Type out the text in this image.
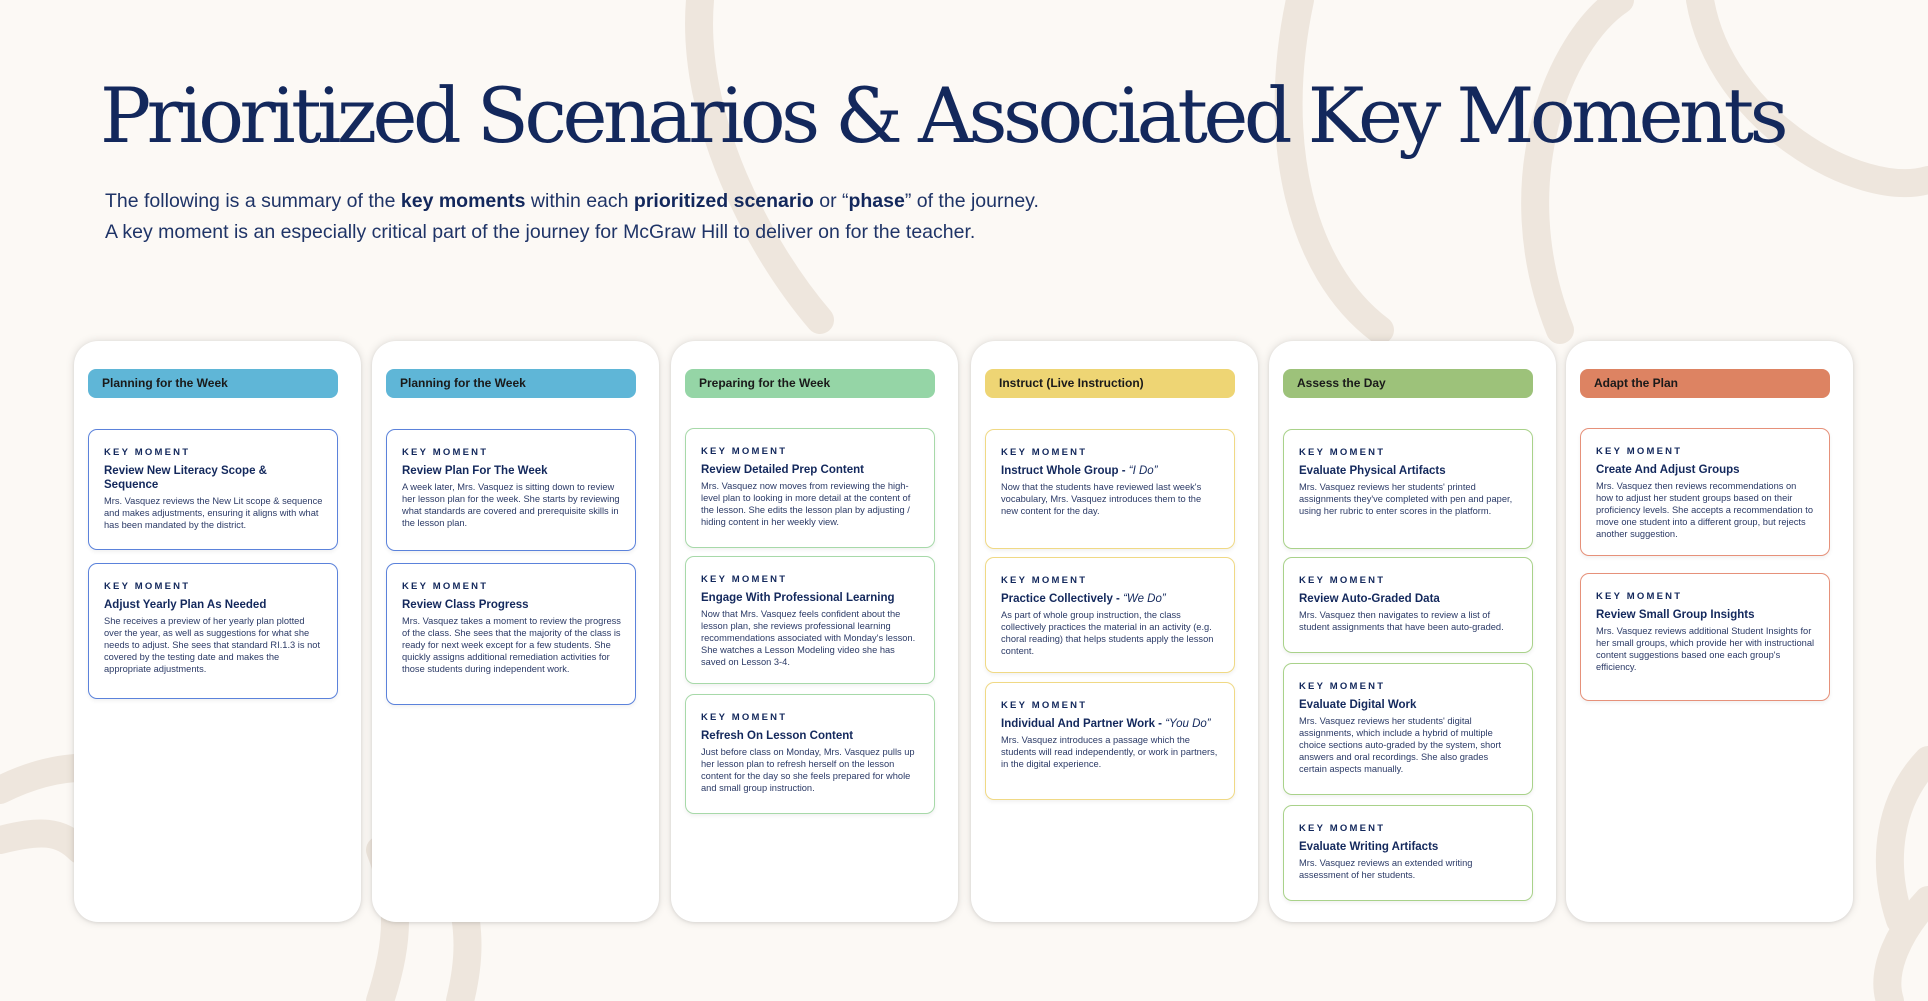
Prioritized Scenarios & Associated Key Moments

The following is a summary of the key moments within each prioritized scenario or “phase” of the journey.

A key moment is an especially critical part of the journey for McGraw Hill to deliver on for the teacher.

Planning for the Week
KEY MOMENT
Review New Literacy Scope & Sequence
Mrs. Vasquez reviews the New Lit scope & sequence and makes adjustments, ensuring it aligns with what has been mandated by the district.
KEY MOMENT
Adjust Yearly Plan As Needed
She receives a preview of her yearly plan plotted over the year, as well as suggestions for what she needs to adjust. She sees that standard RI.1.3 is not covered by the testing date and makes the appropriate adjustments.
Planning for the Week
KEY MOMENT
Review Plan For The Week
A week later, Mrs. Vasquez is sitting down to review her lesson plan for the week. She starts by reviewing what standards are covered and prerequisite skills in the lesson plan.
KEY MOMENT
Review Class Progress
Mrs. Vasquez takes a moment to review the progress of the class. She sees that the majority of the class is ready for next week except for a few students. She quickly assigns additional remediation activities for those students during independent work.
Preparing for the Week
KEY MOMENT
Review Detailed Prep Content
Mrs. Vasquez now moves from reviewing the high-level plan to looking in more detail at the content of the lesson. She edits the lesson plan by adjusting / hiding content in her weekly view.
KEY MOMENT
Engage With Professional Learning
Now that Mrs. Vasquez feels confident about the lesson plan, she reviews professional learning recommendations associated with Monday's lesson. She watches a Lesson Modeling video she has saved on Lesson 3-4.
KEY MOMENT
Refresh On Lesson Content
Just before class on Monday, Mrs. Vasquez pulls up her lesson plan to refresh herself on the lesson content for the day so she feels prepared for whole and small group instruction.
Instruct (Live Instruction)
KEY MOMENT
Instruct Whole Group - “I Do”
Now that the students have reviewed last week's vocabulary, Mrs. Vasquez introduces them to the new content for the day.
KEY MOMENT
Practice Collectively - “We Do”
As part of whole group instruction, the class collectively practices the material in an activity (e.g. choral reading) that helps students apply the lesson content.
KEY MOMENT
Individual And Partner Work - “You Do”
Mrs. Vasquez introduces a passage which the students will read independently, or work in partners, in the digital experience.
Assess the Day
KEY MOMENT
Evaluate Physical Artifacts
Mrs. Vasquez reviews her students' printed assignments they've completed with pen and paper, using her rubric to enter scores in the platform.
KEY MOMENT
Review Auto-Graded Data
Mrs. Vasquez then navigates to review a list of student assignments that have been auto-graded.
KEY MOMENT
Evaluate Digital Work
Mrs. Vasquez reviews her students' digital assignments, which include a hybrid of multiple choice sections auto-graded by the system, short answers and oral recordings. She also grades certain aspects manually.
KEY MOMENT
Evaluate Writing Artifacts
Mrs. Vasquez reviews an extended writing assessment of her students.
Adapt the Plan
KEY MOMENT
Create And Adjust Groups
Mrs. Vasquez then reviews recommendations on how to adjust her student groups based on their proficiency levels. She accepts a recommendation to move one student into a different group, but rejects another suggestion.
KEY MOMENT
Review Small Group Insights
Mrs. Vasquez reviews additional Student Insights for her small groups, which provide her with instructional content suggestions based one each group's efficiency.
